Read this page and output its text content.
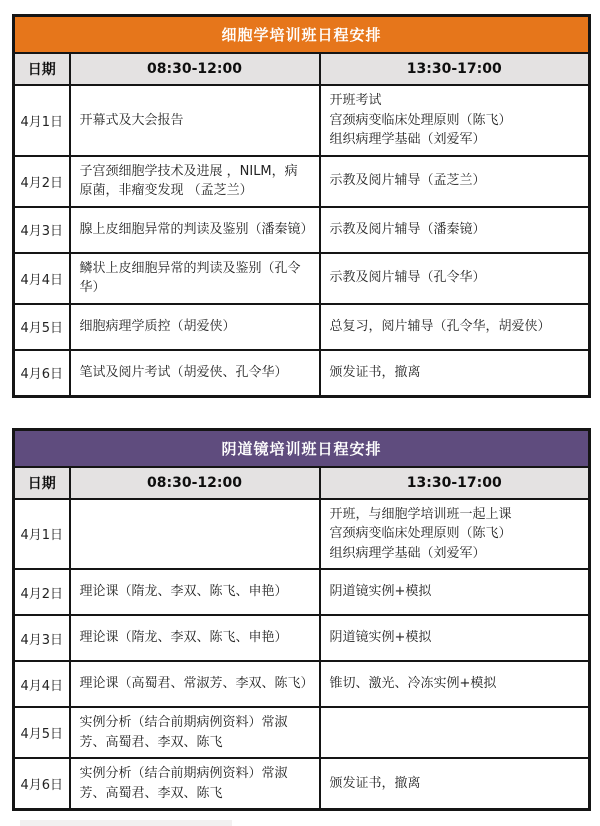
细胞学培训班日程安排		
日期	08:30-12:00	13:30-17:00
4月1日	开幕式及大会报告	开班考试
宫颈病变临床处理原则（陈飞）
组织病理学基础（刘爱军）

4月2日	子宫颈细胞学技术及进展 ，NILM，病原菌，非瘤变发现 （孟芝兰）	示教及阅片辅导（孟芝兰）

4月3日	腺上皮细胞异常的判读及鉴别（潘秦镜）	示教及阅片辅导（潘秦镜）

4月4日	鳞状上皮细胞异常的判读及鉴别（孔令华）	示教及阅片辅导（孔令华）

4月5日	细胞病理学质控（胡爱侠）	总复习，阅片辅导（孔令华，胡爱侠）

4月6日	笔试及阅片考试（胡爱侠、孔令华）	颁发证书，撤离
阴道镜培训班日程安排		
日期	08:30-12:00	13:30-17:00
4月1日		开班，与细胞学培训班一起上课
宫颈病变临床处理原则（陈飞）
组织病理学基础（刘爱军）

4月2日	理论课（隋龙、李双、陈飞、申艳）	阴道镜实例+模拟

4月3日	理论课（隋龙、李双、陈飞、申艳）	阴道镜实例+模拟

4月4日	理论课（高蜀君、常淑芳、李双、陈飞）	锥切、激光、冷冻实例+模拟

4月5日	实例分析（结合前期病例资料）常淑芳、高蜀君、李双、陈飞	

4月6日	实例分析（结合前期病例资料）常淑芳、高蜀君、李双、陈飞	颁发证书，撤离
